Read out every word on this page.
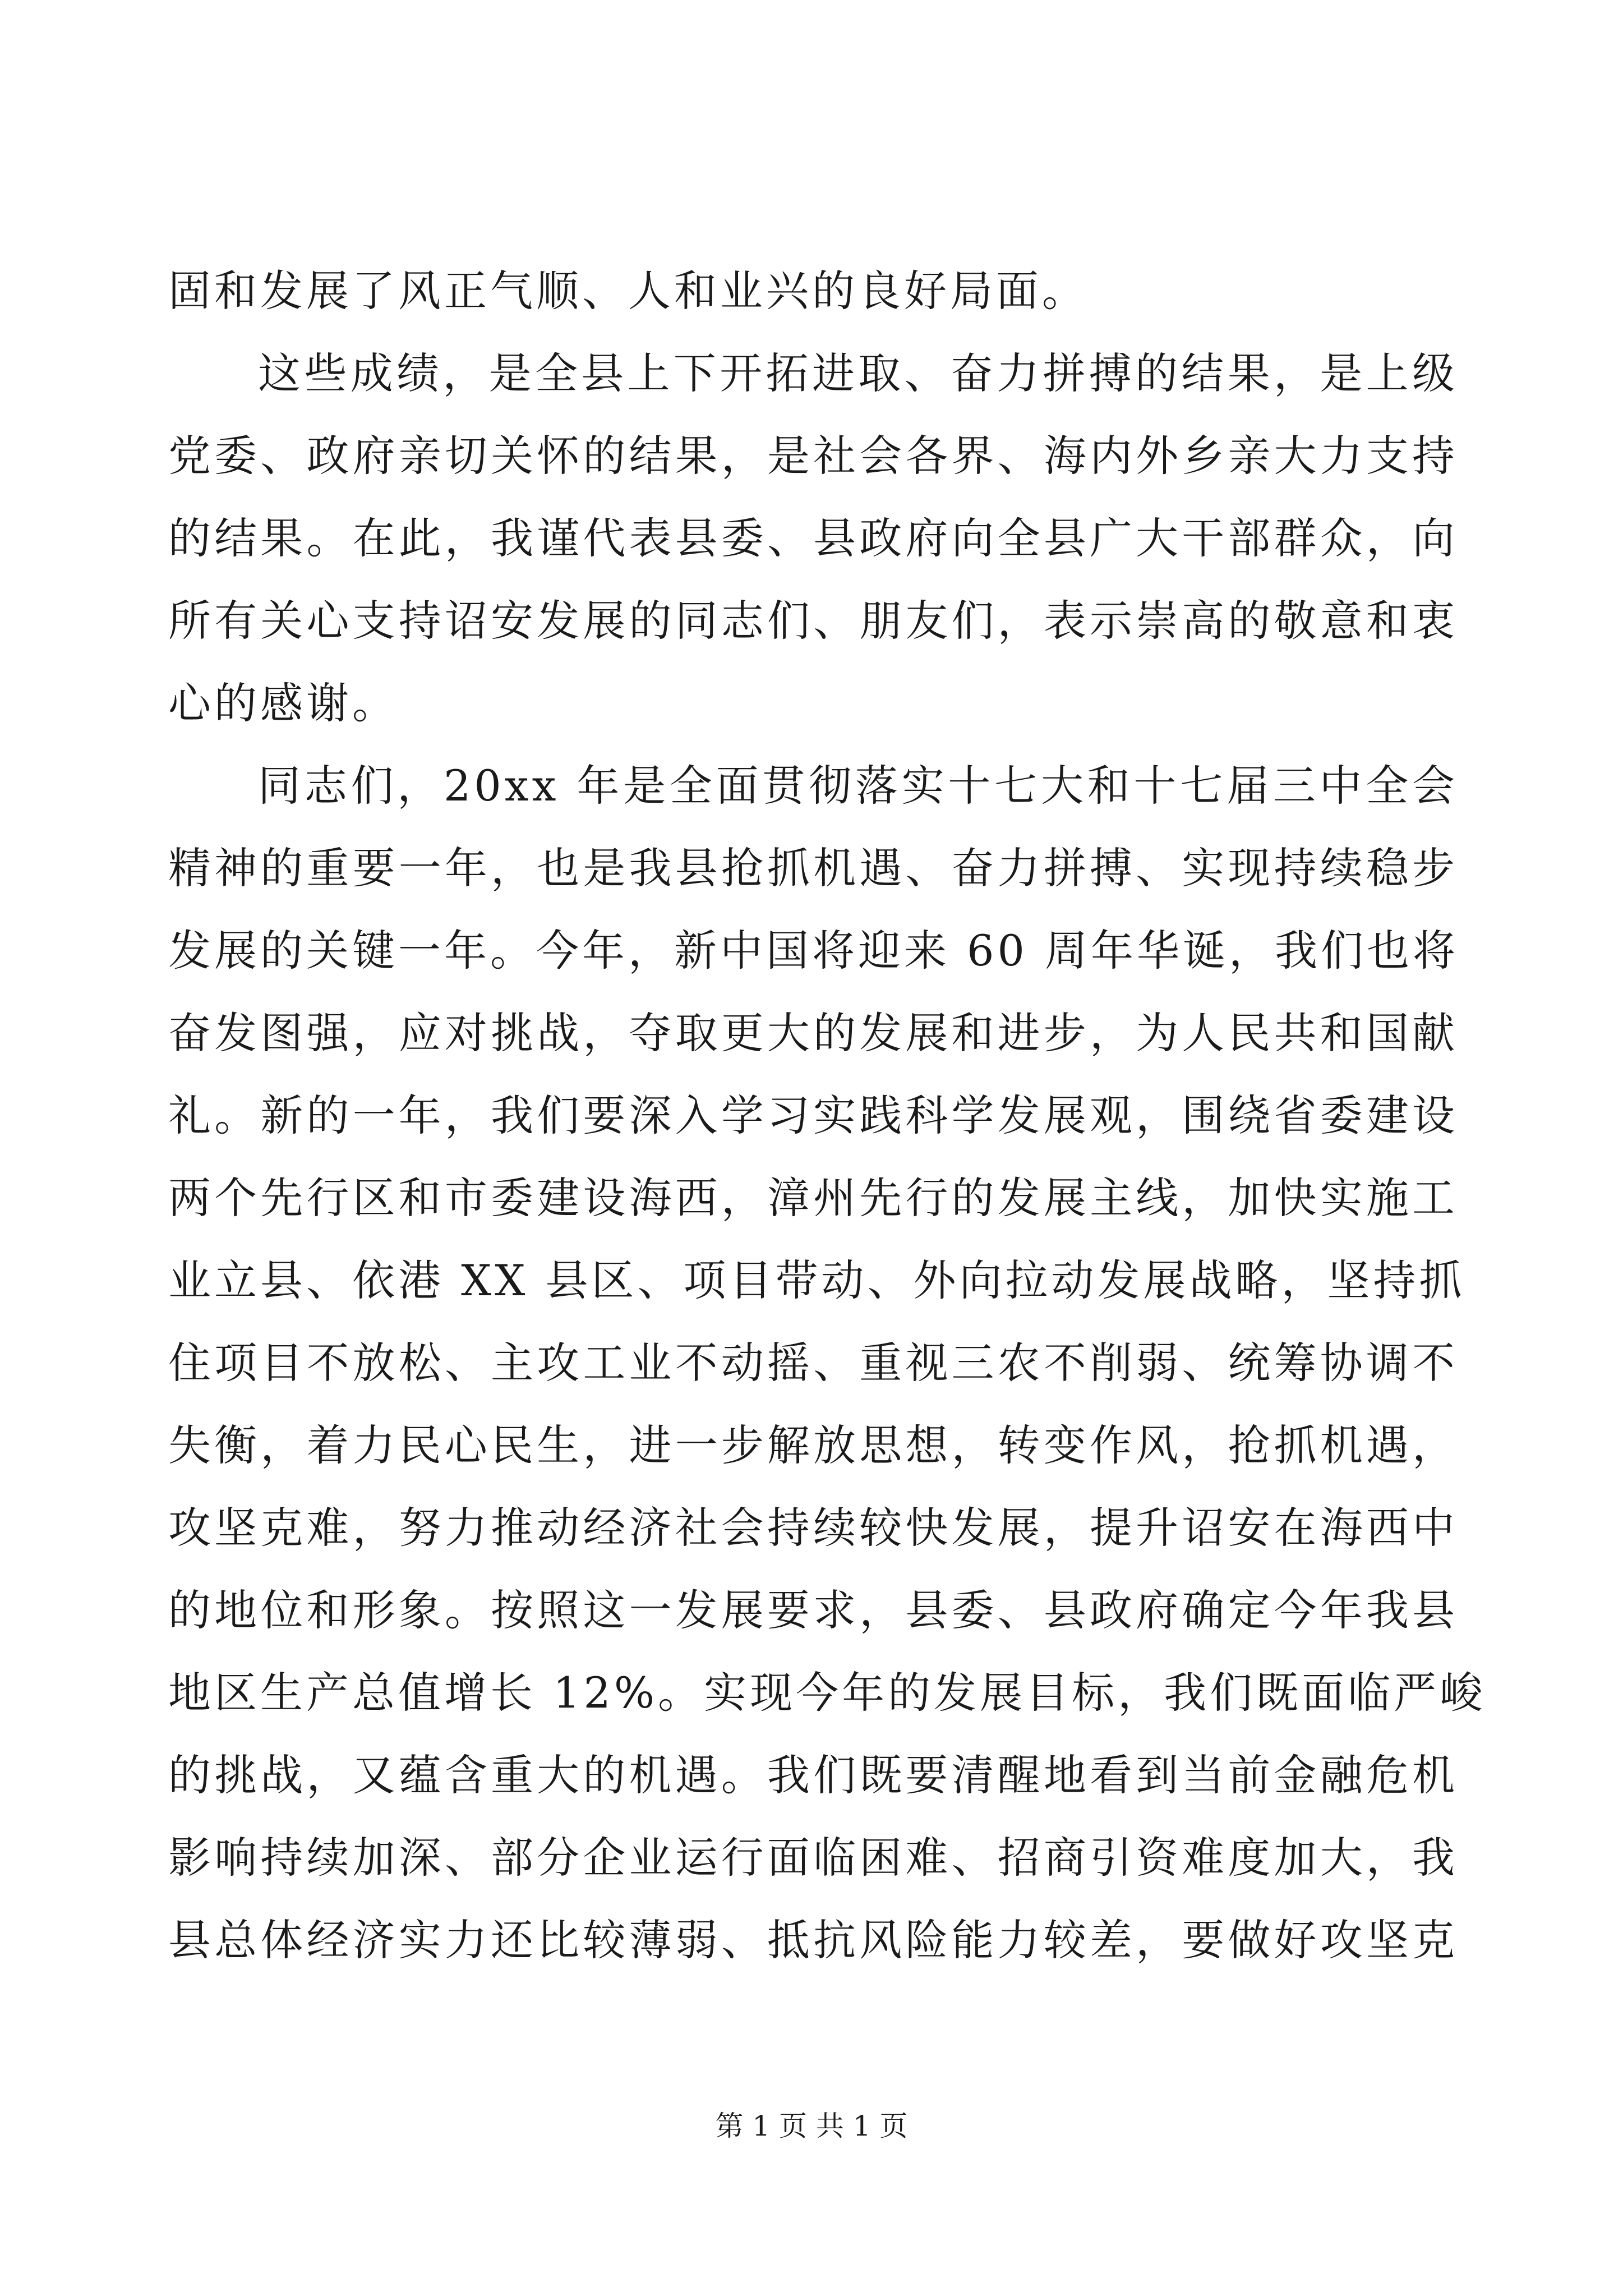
固和发展了风正气顺、人和业兴的良好局面。
这些成绩，是全县上下开拓进取、奋力拼搏的结果，是上级
党委、政府亲切关怀的结果，是社会各界、海内外乡亲大力支持
的结果。在此，我谨代表县委、县政府向全县广大干部群众，向
所有关心支持诏安发展的同志们、朋友们，表示崇高的敬意和衷
心的感谢。
同志们，20xx 年是全面贯彻落实十七大和十七届三中全会
精神的重要一年，也是我县抢抓机遇、奋力拼搏、实现持续稳步
发展的关键一年。今年，新中国将迎来 60 周年华诞，我们也将
奋发图强，应对挑战，夺取更大的发展和进步，为人民共和国献
礼。新的一年，我们要深入学习实践科学发展观，围绕省委建设
两个先行区和市委建设海西，漳州先行的发展主线，加快实施工
业立县、依港 XX 县区、项目带动、外向拉动发展战略，坚持抓
住项目不放松、主攻工业不动摇、重视三农不削弱、统筹协调不
失衡，着力民心民生，进一步解放思想，转变作风，抢抓机遇，
攻坚克难，努力推动经济社会持续较快发展，提升诏安在海西中
的地位和形象。按照这一发展要求，县委、县政府确定今年我县
地区生产总值增长 12%。实现今年的发展目标，我们既面临严峻
的挑战，又蕴含重大的机遇。我们既要清醒地看到当前金融危机
影响持续加深、部分企业运行面临困难、招商引资难度加大，我
县总体经济实力还比较薄弱、抵抗风险能力较差，要做好攻坚克
第 1 页 共 1 页
